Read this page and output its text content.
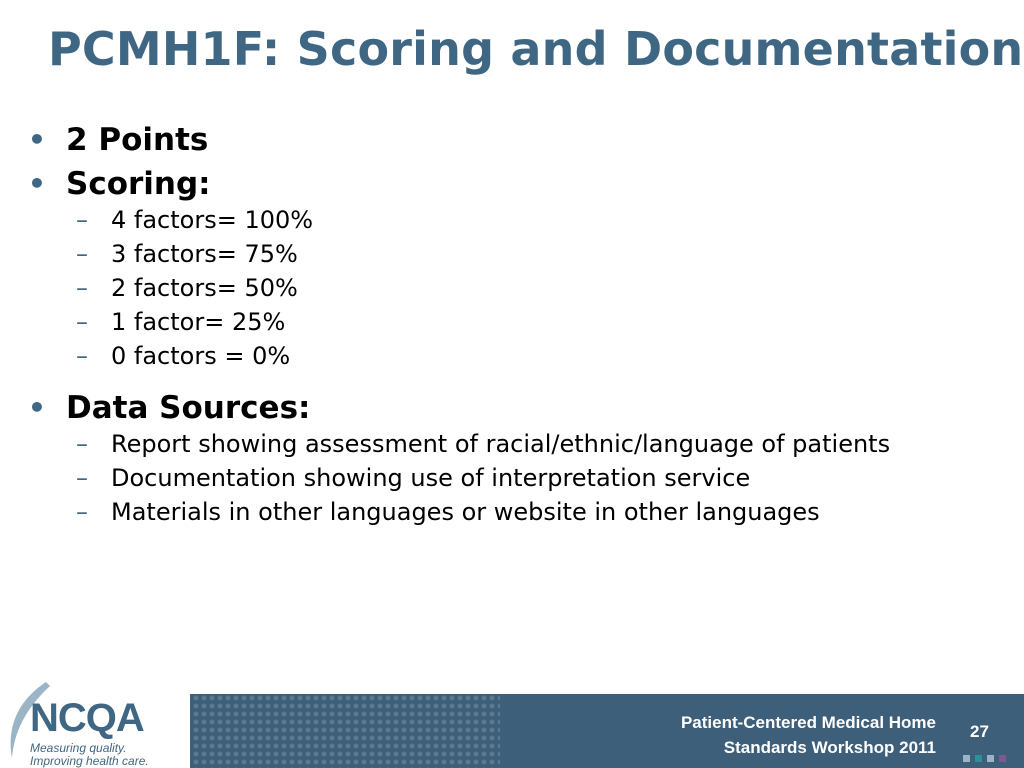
PCMH1F: Scoring and Documentation
• 2 Points
• Scoring:
– 4 factors= 100%
– 3 factors= 75%
– 2 factors= 50%
– 1 factor= 25%
– 0 factors = 0%
• Data Sources:
– Report showing assessment of racial/ethnic/language of patients
– Documentation showing use of interpretation service
– Materials in other languages or website in other languages
NCQA
Measuring quality.
Improving health care.
Patient-Centered Medical Home
Standards Workshop 2011
27
